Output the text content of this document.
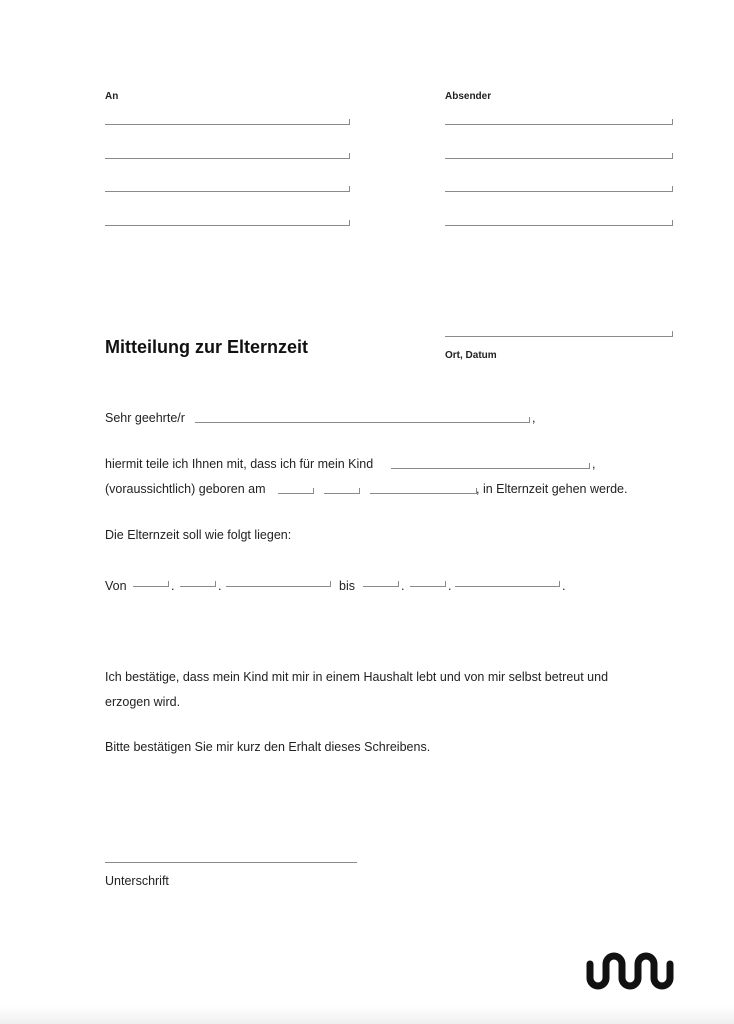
An	Absender
Ort, Datum
Mitteilung zur Elternzeit
Sehr geehrte/r	,
hiermit teile ich Ihnen mit, dass ich für mein Kind	,
(voraussichtlich) geboren am	, in Elternzeit gehen werde.
Die Elternzeit soll wie folgt liegen:
Von	.	.	bis	.	.	.
Ich bestätige, dass mein Kind mit mir in einem Haushalt lebt und von mir selbst betreut und
erzogen wird.
Bitte bestätigen Sie mir kurz den Erhalt dieses Schreibens.
Unterschrift
